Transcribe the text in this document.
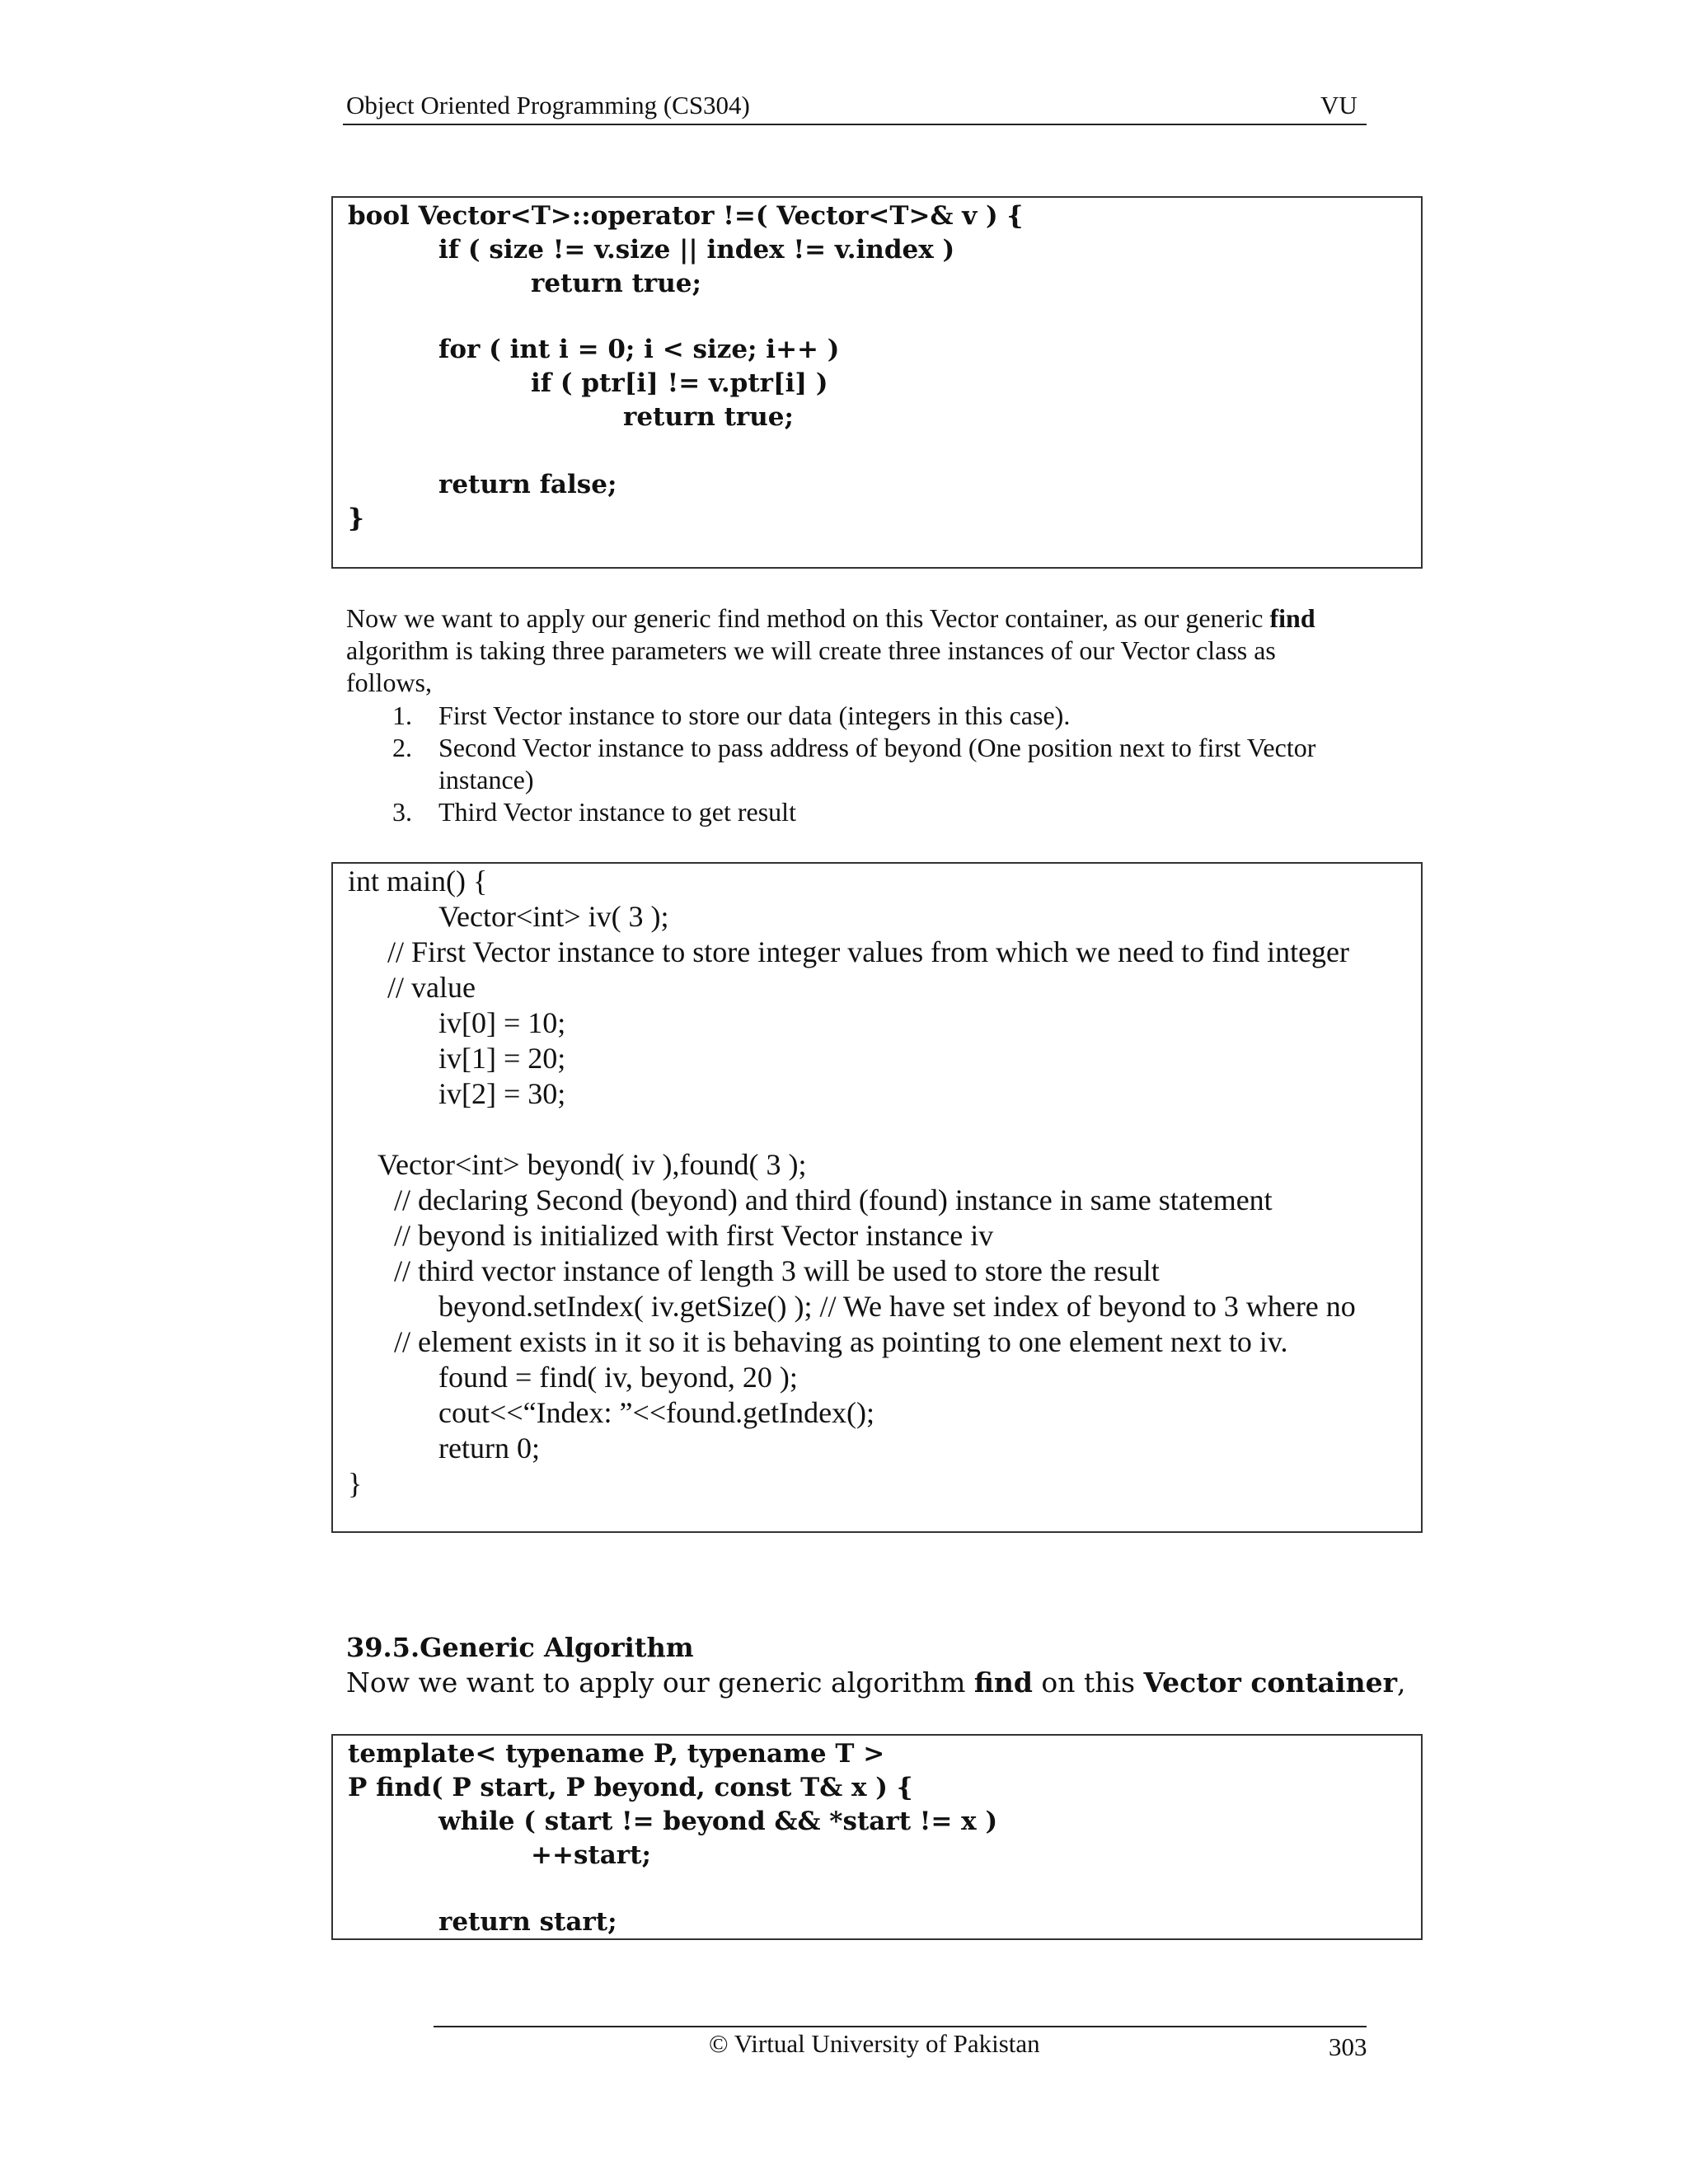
Object Oriented Programming (CS304)	VU
bool Vector<T>::operator !=( Vector<T>& v ) {
if ( size != v.size || index != v.index )
return true;
for ( int i = 0; i < size; i++ )
if ( ptr[i] != v.ptr[i] )
return true;
return false;
}
Now we want to apply our generic find method on this Vector container, as our generic find
algorithm is taking three parameters we will create three instances of our Vector class as
follows,
1. First Vector instance to store our data (integers in this case).
2. Second Vector instance to pass address of beyond (One position next to first Vector
instance)
3. Third Vector instance to get result
int main() {
Vector<int> iv( 3 );
// First Vector instance to store integer values from which we need to find integer
// value
iv[0] = 10;
iv[1] = 20;
iv[2] = 30;
Vector<int> beyond( iv ),found( 3 );
// declaring Second (beyond) and third (found) instance in same statement
// beyond is initialized with first Vector instance iv
// third vector instance of length 3 will be used to store the result
beyond.setIndex( iv.getSize() ); // We have set index of beyond to 3 where no
// element exists in it so it is behaving as pointing to one element next to iv.
found = find( iv, beyond, 20 );
cout<<“Index: ”<<found.getIndex();
return 0;
}
39.5.Generic Algorithm
Now we want to apply our generic algorithm find on this Vector container,
template< typename P, typename T >
P find( P start, P beyond, const T& x ) {
while ( start != beyond && *start != x )
++start;
return start;
© Virtual University of Pakistan	303
